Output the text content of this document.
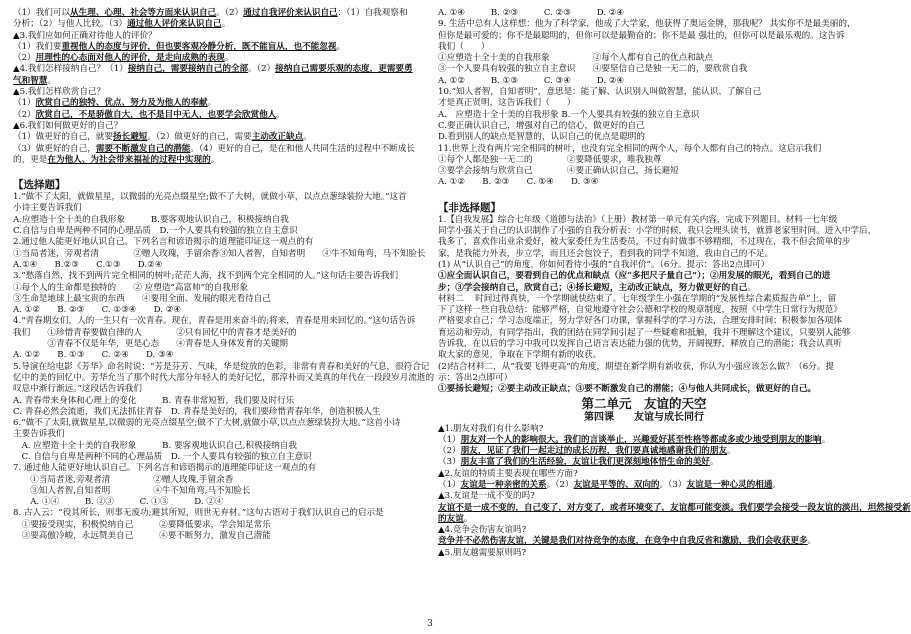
（1）我们可以从生理、心理、社会等方面来认识自己。（2）通过自我评价来认识自己：（1）自我观察和
分析；（2）与他人比较。（3）通过他人评价来认识自己。
▲3.我们应如何正确对待他人的评价？
（1）我们要重视他人的态度与评价，但也要客观冷静分析，既不能盲从，也不能忽视。
（2）用理性的心态面对他人的评价，是走向成熟的表现。
▲4.我们怎样接纳自己？（1）接纳自己，需要接纳自己的全部。（2）接纳自己需要乐观的态度，更需要勇
气和智慧。
▲5.我们怎样欣赏自己？
（1）欣赏自己的独特、优点、努力及为他人的奉献。
（2）欣赏自己，不是骄傲自大，也不是目中无人，也要学会欣赏他人。
▲6.我们如何做更好的自己？
（1）做更好的自己，就要扬长避短。（2）做更好的自己，需要主动改正缺点。
（3）做更好的自己，需要不断激发自己的潜能。（4）更好的自己，是在和他人共同生活的过程中不断成长
的，更是在为他人、为社会带来福祉的过程中实现的。
【选择题】
1.“做不了太阳，就做星星，以微弱的光亮点缀星空;做不了大树，就做小草，以点点葱绿装扮大地。”这首
小诗主要告诉我们
A.应塑造十全十美的自我形象　　　B.要客观地认识自己，积极接纳自我
C.自信与自卑是两种不同的心理品质　D.一个人要具有较强的独立自主意识
2.通过他人能更好地认识自己。下列名言和谚语揭示的道理能印证这一观点的有
①当局者迷，旁观者清　　　　②赠人玫瑰，手留余香③知人者智，自知者明　　④牛不知角弯，马不知脸长
A.①④　　B.②③　　C.①③　　D.②④
3.“愁落自然，找不到两片完全相同的树叶;茫茫人海，找不到两个完全相同的人。”这句话主要告诉我们
①每个人的生命都是独特的　　② 应塑造“高富帅”的自我形象
③生命是地球上最宝贵的东西　　④要用全面、发展的眼光看待自己
A. ①②　　B. ②③　　C. ①③④　　D. ②④
4.“青春期女们，人的一生只有一次青春。现在，青春是用来奋斗的;将来，青春是用来回忆的。”这句话告诉
我们　　①珍惜青春要做自律的人　　　　②只有回忆中的青春才是美好的
　　　　③青春不仅是年华，更是心态　　④青春是人身体发育的关键期
A. ①②　　B. ①③　　C. ②④　　D. ③④
5.导演在给电影《芳华》命名时说：“芳是芬芳、气味，华是绽放的色彩，非常有青春和美好的气息，很符合记
忆中的美的回忆中。芳华允当了那个时代大部分年轻人的美好记忆，那淳朴而又美真的年代在一段段岁月流逝的
叹息中渐行渐远。”这段话告诉我们
A. 青春带来身体和心理上的变化　　　B. 青春非常短暂，我们要及时行乐
C. 青春必然会流逝，我们无法抓住青春　D. 青春是美好的，我们要珍惜青春年华，创造积极人生
6.“做不了太阳,就做星星,以微弱的光亮点缀星空;做不了大树,就做小草,以点点葱绿装扮大地。”这首小诗
主要告诉我们
　A. 应塑造十全十美的自我形象　　　B. 要客观地认识自己,积极接纳自我
　C. 自信与自卑是两种不同的心理品质　D. 一个人要具有较强的独立自主意识
7. 通过他人能更好地认识自己。下列名言和谚语揭示的道理能印证这一观点的有
　　①当局者迷,旁观者清　　　　　②赠人玫瑰,手留余香
　　③知人者智,自知者明　　　　　④牛不知角弯,马不知脸长
　　A. ①④　　　B. ②③　　　C. ①③　　　D. ②④
8. 古人云：“役其所长，则事无废功;避其所短，则世无弃材。”这句古语对于我们认识自己的启示是
　①要接受现实，积极悦纳自己　　　②要降低要求，学会知足常乐
　③要高傲冷峻，永远赞美自己　　　④要不断努力，激发自己潜能
A. ①④　　　B. ②③　　　C. ②③　　　D. ②④
9. 生活中总有人这样想：他为了科学家，他成了大学家，他获得了奥运金牌，那我呢？ 其实你不是最美丽的，
但你是最可爱的；你不是最聪明的，但你可以是最勤奋的；你不是最 强壮的，但你可以是最乐观的。这告诉
我们（　　）
①应塑造十全十美的自我形象　　　　　②每个人都有自己的优点和缺点
③一个人要具有较强的独立自主意识　　④要坚信自己是独一无二的，要欣赏自我
A. ①②　　　B. ①③　　　C. ③④　　　D. ②④
10.“知人者智，自知者明”，意思是：能了解、认识别人叫做智慧，能认识、了解自己
才是真正贤明，这告诉我们（　　）
A.　应塑造十全十美的自我形象 B.一个人要具有较强的独立自主意识
C.要正确认识自己，增强对自己的信心，做更好的自己
D.看到别人的缺点是智慧的，认识自己的优点是聪明的
11.世界上没有两片完全相同的树叶，也没有完全相同的两个人，每个人都有自己的特点。这启示我们
①每个人都是独一无二的　　　　②要降低要求，唯我独尊
③要学会接纳与欣赏自己　　　　④要正确认识自己，扬长避短
A. ①②　　B. ②③　　C. ①④　　D. ③④
【非选择题】
1.【自我发展】综合七年级《道德与法治》（上册）教材第一单元有关内容，完成下列题目。材料一七年级
同学小强关于自己的认识制作了小强的自我分析表：小学的时候，我只会埋头读书，就算老家里时间。进入中学后，
我多了，喜欢作出业余爱好，被大家委任为生活委员，不过有时做事不够精细，不过现在，我不但会简单的步
家，是我能力外表，步立学，而且还会包饺子，看到我的同学不知道，我由自己的不足。
(1) 从“认识自己”的角度，你如何看待小强的“自我评价”。（6分。提示：答出2点即可）
①应全面认识自己，要看到自己的优点和缺点（应“多把尺子量自己”）；②用发展的眼光，看到自己的进
步；③学会接纳自己，欣赏自己；④扬长避短，主动改正缺点，努力做更好的自己。
材料二　 时间过得真快，一个学期就快结束了。七年级学生小强在学期的“发展性综合素质报告单”上，留
下了这样一些自我总结：能够严格，自觉地遵守社会公德和学校的规章制度，按照《中学生日常行为规范》
严格要求自己；学习态度端正，努力学好各门功课，掌握科学的学习方法，合理安排时间；积极参加各项体
育运动和劳动，有同学指出，我的团结在同学间引起了一些疑难和抵触，我并不理解这个建议，只要别人能够
告诉我，在以后的学习中我可以发挥自己语言表达能力强的优势，开阔视野，释放自己的潜能；我会认真听
取大家的意见，争取在下学期有新的收获。
(2)结合材料二，从“我要飞得更高”的角度，期望在新学期有新收获，你认为小强应该怎么做？（6分。提
示：答出2点即可）
①要扬长避短；②要主动改正缺点；③要不断激发自己的潜能；④与他人共同成长，做更好的自己。
第二单元　友谊的天空
第四课　　友谊与成长同行
▲1.朋友对我们有什么影响?
（1）朋友对一个人的影响很大。我们的言谈举止，兴趣爱好甚至性格等都或多或少地受到朋友的影响。
（2）朋友，见证了我们一起走过的成长历程，我们要真诚地感谢我们的朋友。
（3）朋友丰富了我们的生活经验，友谊让我们更深刻地体悟生命的美好。
▲2.友谊的特质主要表现在哪些方面?
（1）友谊是一种亲密的关系。（2）友谊是平等的、双向的。（3）友谊是一种心灵的相通。
▲3.友谊是一成不变的吗?
友谊不是一成不变的，自己变了，对方变了，或者环境变了，友谊都可能变淡。我们要学会接受一段友谊的淡出，坦然接受新
的友谊。
▲4.竞争会伤害友谊吗?
竞争并不必然伤害友谊，关键是我们对待竞争的态度，在竞争中自我反省和激励，我们会收获更多。
▲5.朋友越需要原则吗?
3
